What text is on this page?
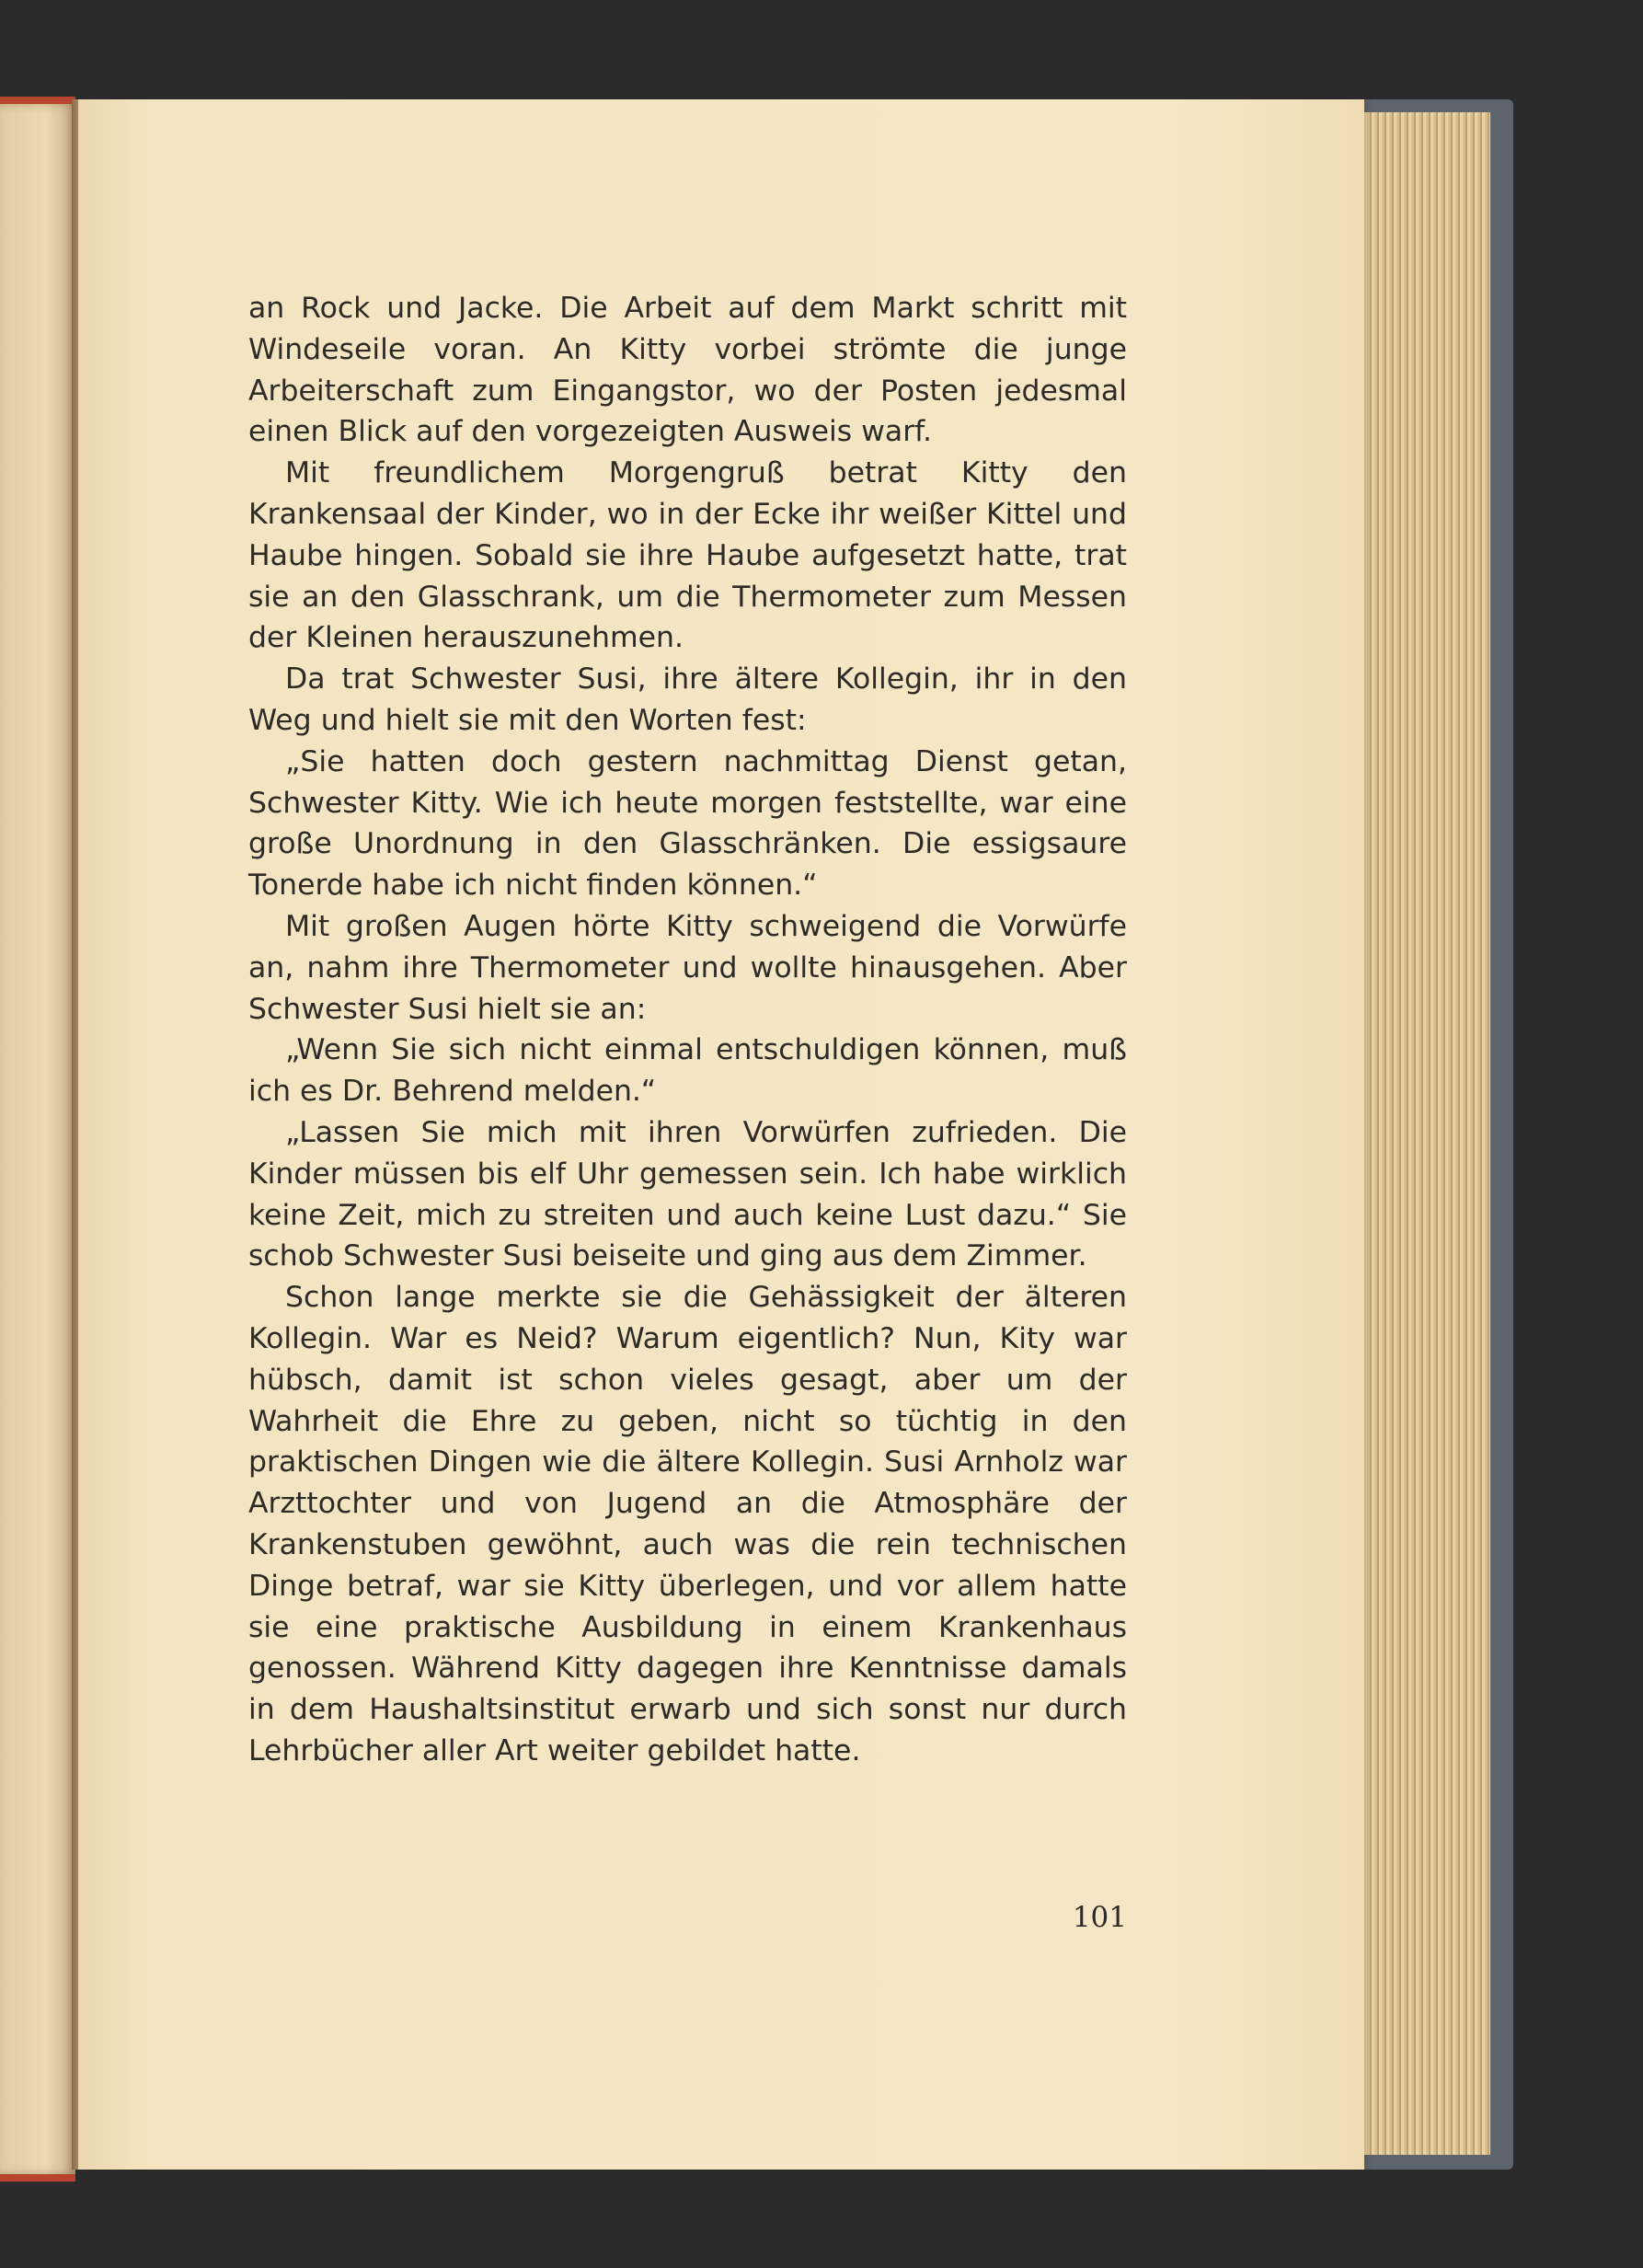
an Rock und Jacke. Die Arbeit auf dem Markt schritt mit Windeseile voran. An Kitty vorbei strömte die junge Arbeiterschaft zum Eingangstor, wo der Posten jedesmal einen Blick auf den vorgezeigten Ausweis warf.

Mit freundlichem Morgengruß betrat Kitty den Krankensaal der Kinder, wo in der Ecke ihr weißer Kittel und Haube hingen. Sobald sie ihre Haube aufgesetzt hatte, trat sie an den Glasschrank, um die Thermometer zum Messen der Kleinen herauszunehmen.

Da trat Schwester Susi, ihre ältere Kollegin, ihr in den Weg und hielt sie mit den Worten fest:

„Sie hatten doch gestern nachmittag Dienst getan, Schwester Kitty. Wie ich heute morgen feststellte, war eine große Unordnung in den Glasschränken. Die essigsaure Tonerde habe ich nicht finden können.“

Mit großen Augen hörte Kitty schweigend die Vorwürfe an, nahm ihre Thermometer und wollte hinausgehen. Aber Schwester Susi hielt sie an:

„Wenn Sie sich nicht einmal entschuldigen können, muß ich es Dr. Behrend melden.“

„Lassen Sie mich mit ihren Vorwürfen zufrieden. Die Kinder müssen bis elf Uhr gemessen sein. Ich habe wirklich keine Zeit, mich zu streiten und auch keine Lust dazu.“ Sie schob Schwester Susi beiseite und ging aus dem Zimmer.

Schon lange merkte sie die Gehässigkeit der älteren Kollegin. War es Neid? Warum eigentlich? Nun, Kity war hübsch, damit ist schon vieles gesagt, aber um der Wahrheit die Ehre zu geben, nicht so tüchtig in den praktischen Dingen wie die ältere Kollegin. Susi Arnholz war Arzttochter und von Jugend an die Atmosphäre der Krankenstuben gewöhnt, auch was die rein technischen Dinge betraf, war sie Kitty überlegen, und vor allem hatte sie eine praktische Ausbildung in einem Krankenhaus genossen. Während Kitty dagegen ihre Kenntnisse damals in dem Haushaltsinstitut erwarb und sich sonst nur durch Lehrbücher aller Art weiter gebildet hatte.

101
